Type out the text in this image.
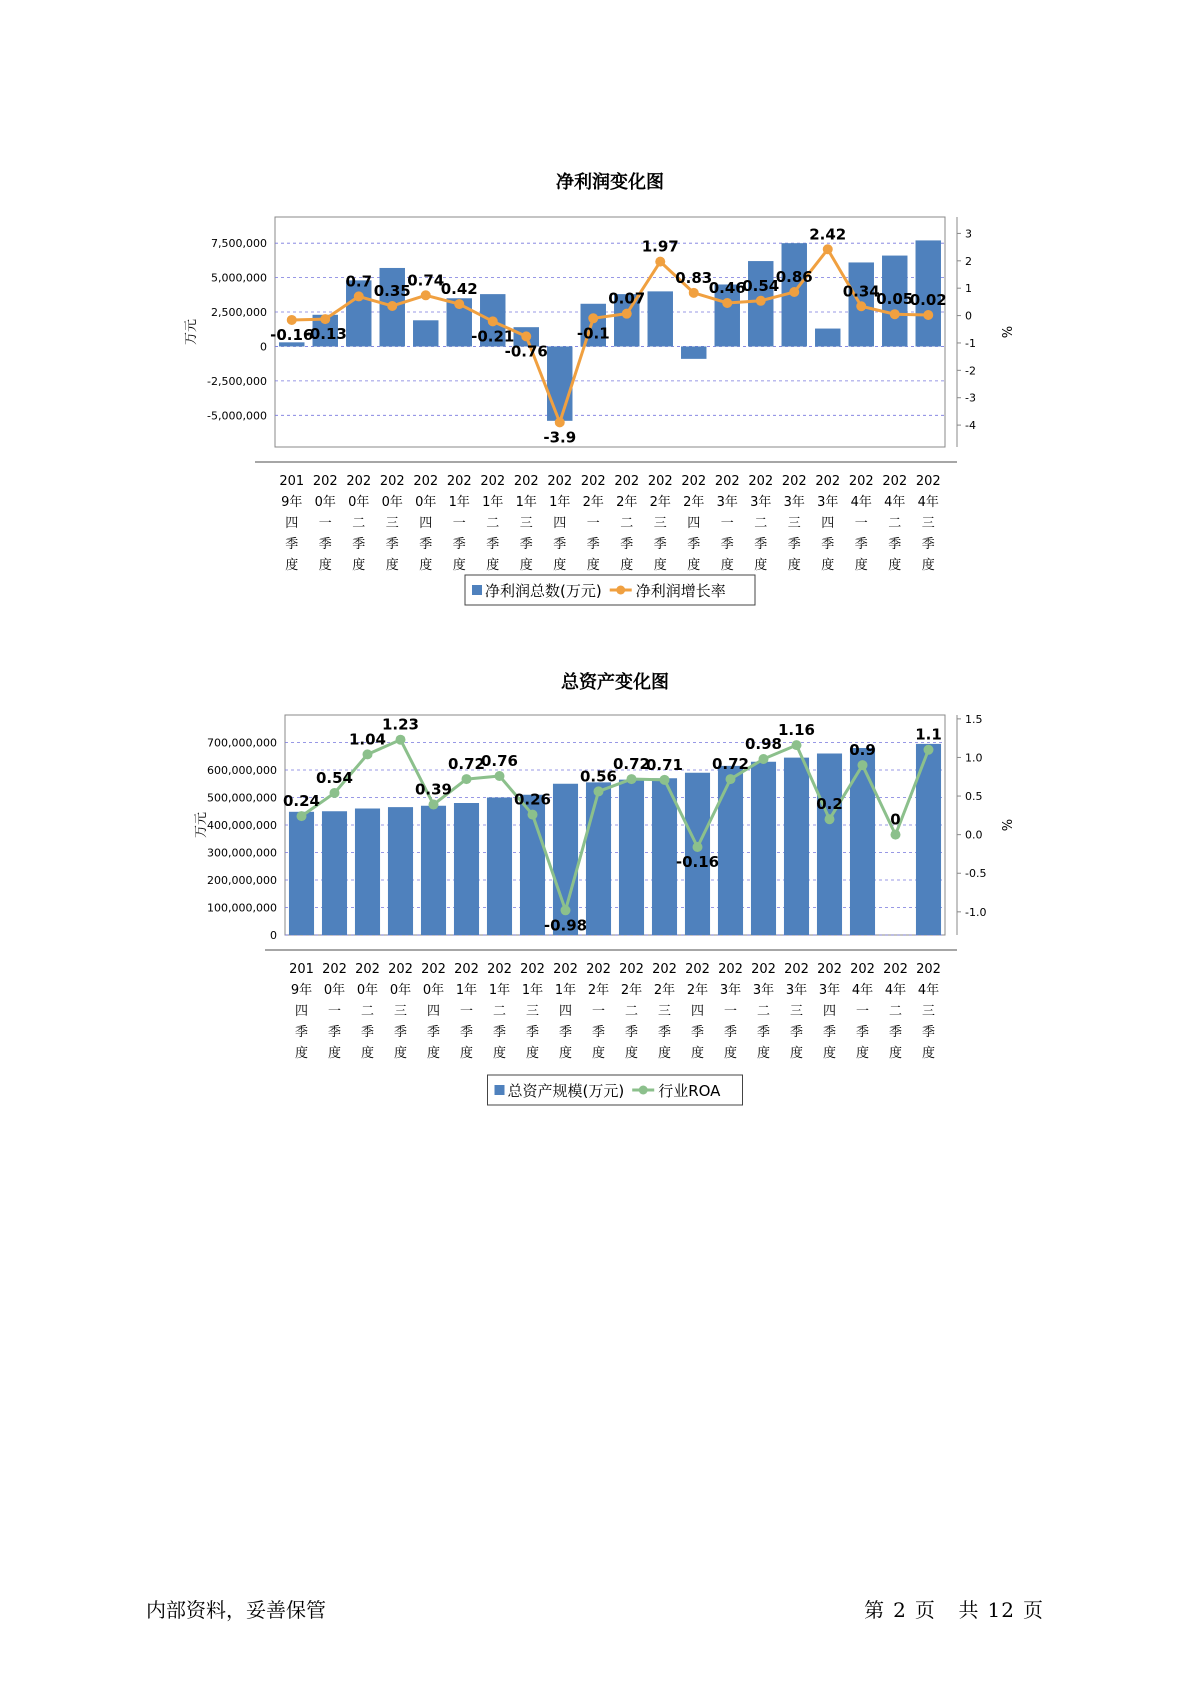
净利润变化图
-5,000,000
-2,500,000
0
2,500,000
5,000,000
7,500,000
万元
-4
-3
-2
-1
0
1
2
3
%
-0.16
-0.13
0.7
0.35
0.74
0.42
-0.21
-0.76
-3.9
-0.1
0.07
1.97
0.83
0.46
0.54
0.86
2.42
0.34
0.05
0.02
201
9年
四
季
度
202
0年
一
季
度
202
0年
二
季
度
202
0年
三
季
度
202
0年
四
季
度
202
1年
一
季
度
202
1年
二
季
度
202
1年
三
季
度
202
1年
四
季
度
202
2年
一
季
度
202
2年
二
季
度
202
2年
三
季
度
202
2年
四
季
度
202
3年
一
季
度
202
3年
二
季
度
202
3年
三
季
度
202
3年
四
季
度
202
4年
一
季
度
202
4年
二
季
度
202
4年
三
季
度
净利润总数(万元) 净利润增长率
总资产变化图
0
100,000,000
200,000,000
300,000,000
400,000,000
500,000,000
600,000,000
700,000,000
万元
-1.0
-0.5
0.0
0.5
1.0
1.5
%
0.24
0.54
1.04
1.23
0.39
0.72
0.76
0.26
-0.98
0.56
0.72
0.71
-0.16
0.72
0.98
1.16
0.2
0.9
0
1.1
201
9年
四
季
度
202
0年
一
季
度
202
0年
二
季
度
202
0年
三
季
度
202
0年
四
季
度
202
1年
一
季
度
202
1年
二
季
度
202
1年
三
季
度
202
1年
四
季
度
202
2年
一
季
度
202
2年
二
季
度
202
2年
三
季
度
202
2年
四
季
度
202
3年
一
季
度
202
3年
二
季
度
202
3年
三
季
度
202
3年
四
季
度
202
4年
一
季
度
202
4年
二
季
度
202
4年
三
季
度
总资产规模(万元) 行业ROA
内部资料，妥善保管	第 2 页 共 12 页
